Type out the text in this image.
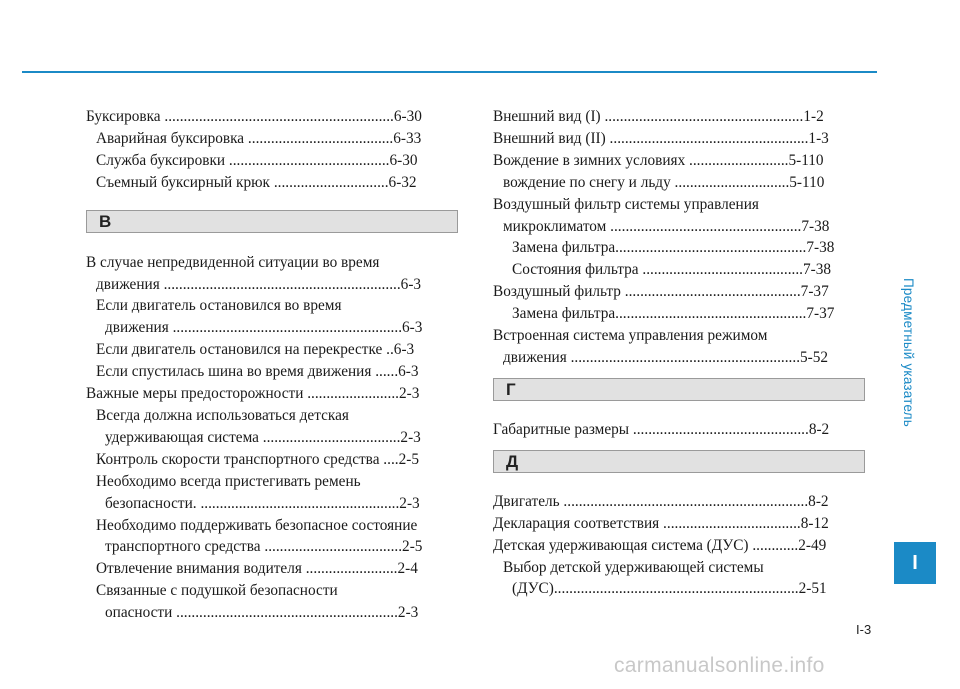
Буксировка ............................................................6-30
Аварийная буксировка ......................................6-33
Служба буксировки ..........................................6-30
Съемный буксирный крюк ..............................6-32
В
В случае непредвиденной ситуации во время
движения ..............................................................6-3
Если двигатель остановился во время
движения ............................................................6-3
Если двигатель остановился на перекрестке ..6-3
Если спустилась шина во время движения ......6-3
Важные меры предосторожности ........................2-3
Всегда должна использоваться детская
удерживающая система ....................................2-3
Контроль скорости транспортного средства ....2-5
Необходимо всегда пристегивать ремень
безопасности. ....................................................2-3
Необходимо поддерживать безопасное состояние
транспортного средства ....................................2-5
Отвлечение внимания водителя ........................2-4
Связанные с подушкой безопасности
опасности ..........................................................2-3
Внешний вид (I) ....................................................1-2
Внешний вид (II) ....................................................1-3
Вождение в зимних условиях ..........................5-110
вождение по снегу и льду ..............................5-110
Воздушный фильтр системы управления
микроклиматом ..................................................7-38
Замена фильтра..................................................7-38
Состояния фильтра ..........................................7-38
Воздушный фильтр ..............................................7-37
Замена фильтра..................................................7-37
Встроенная система управления режимом
движения ............................................................5-52
Г
Габаритные размеры ..............................................8-2
Д
Двигатель ................................................................8-2
Декларация соответствия ....................................8-12
Детская удерживающая система (ДУС) ............2-49
Выбор детской удерживающей системы
(ДУС)................................................................2-51
Предметный указатель
I
I-3
carmanualsonline.info
